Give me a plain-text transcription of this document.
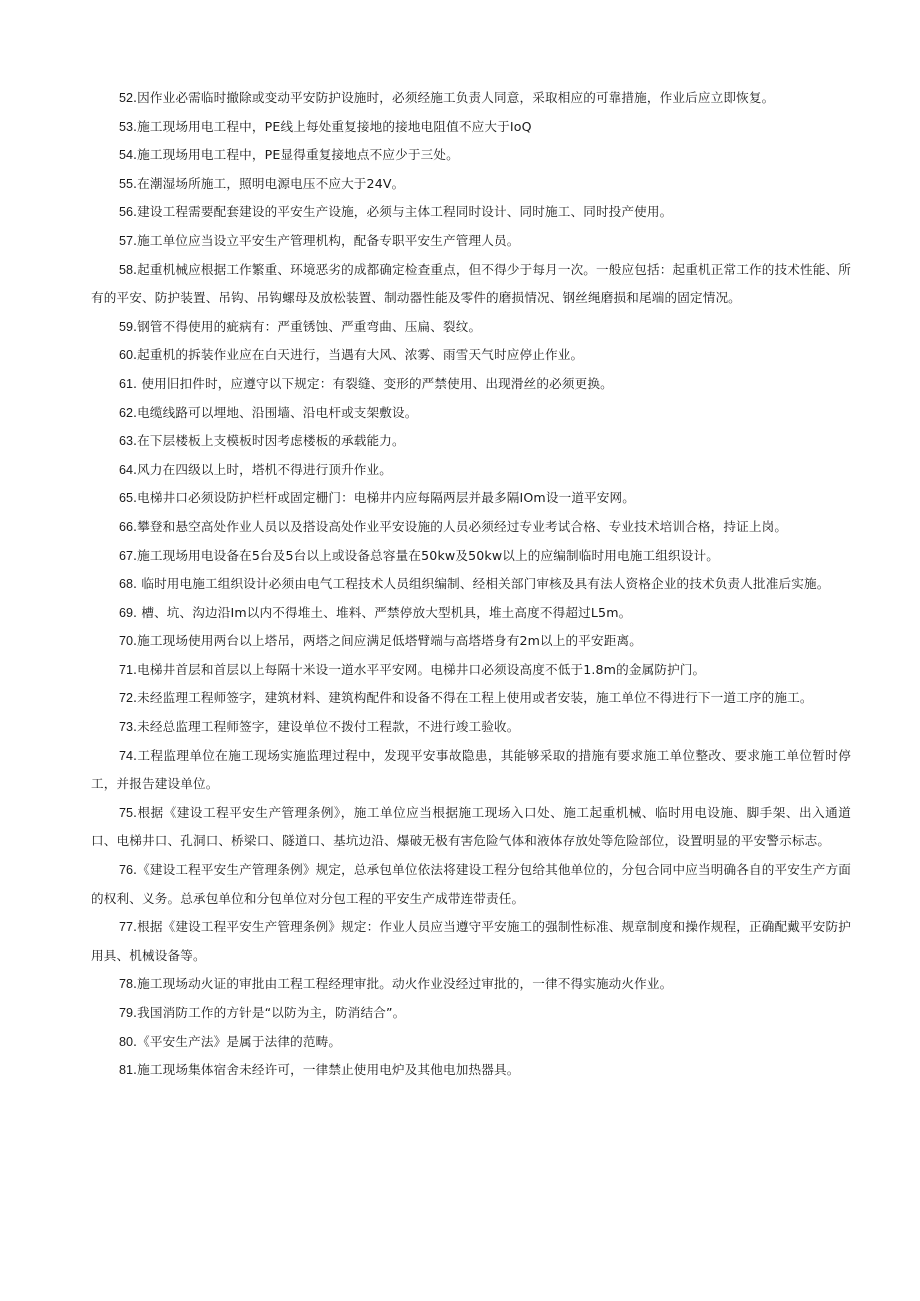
52.因作业必需临时撤除或变动平安防护设施时，必须经施工负责人同意，采取相应的可靠措施，作业后应立即恢复。

53.施工现场用电工程中，PE线上每处重复接地的接地电阻值不应大于IoQ

54.施工现场用电工程中，PE显得重复接地点不应少于三处。

55.在潮湿场所施工，照明电源电压不应大于24V。

56.建设工程需要配套建设的平安生产设施，必须与主体工程同时设计、同时施工、同时投产使用。

57.施工单位应当设立平安生产管理机构，配备专职平安生产管理人员。

58.起重机械应根据工作繁重、环境恶劣的成都确定检查重点，但不得少于每月一次。一般应包括：起重机正常工作的技术性能、所有的平安、防护装置、吊钩、吊钩螺母及放松装置、制动器性能及零件的磨损情况、钢丝绳磨损和尾端的固定情况。

59.钢管不得使用的疵病有：严重锈蚀、严重弯曲、压扁、裂纹。

60.起重机的拆装作业应在白天进行，当遇有大风、浓雾、雨雪天气时应停止作业。

61. 使用旧扣件时，应遵守以下规定：有裂缝、变形的严禁使用、出现滑丝的必须更换。

62.电缆线路可以埋地、沿围墙、沿电杆或支架敷设。

63.在下层楼板上支模板时因考虑楼板的承载能力。

64.风力在四级以上时，塔机不得进行顶升作业。

65.电梯井口必须设防护栏杆或固定栅门：电梯井内应每隔两层并最多隔IOm设一道平安网。

66.攀登和悬空高处作业人员以及搭设高处作业平安设施的人员必须经过专业考试合格、专业技术培训合格，持证上岗。

67.施工现场用电设备在5台及5台以上或设备总容量在50kw及50kw以上的应编制临时用电施工组织设计。

68. 临时用电施工组织设计必须由电气工程技术人员组织编制、经相关部门审核及具有法人资格企业的技术负责人批准后实施。

69. 槽、坑、沟边沿Im以内不得堆土、堆料、严禁停放大型机具，堆土高度不得超过L5m。

70.施工现场使用两台以上塔吊，两塔之间应满足低塔臂端与高塔塔身有2m以上的平安距离。

71.电梯井首层和首层以上每隔十米设一道水平平安网。电梯井口必须设高度不低于1.8m的金属防护门。

72.未经监理工程师签字，建筑材料、建筑构配件和设备不得在工程上使用或者安装，施工单位不得进行下一道工序的施工。

73.未经总监理工程师签字，建设单位不拨付工程款，不进行竣工验收。

74.工程监理单位在施工现场实施监理过程中，发现平安事故隐患，其能够采取的措施有要求施工单位整改、要求施工单位暂时停工，并报告建设单位。

75.根据《建设工程平安生产管理条例》，施工单位应当根据施工现场入口处、施工起重机械、临时用电设施、脚手架、出入通道口、电梯井口、孔洞口、桥梁口、隧道口、基坑边沿、爆破无极有害危险气体和液体存放处等危险部位，设置明显的平安警示标志。

76.《建设工程平安生产管理条例》规定，总承包单位依法将建设工程分包给其他单位的，分包合同中应当明确各自的平安生产方面的权利、义务。总承包单位和分包单位对分包工程的平安生产成带连带责任。

77.根据《建设工程平安生产管理条例》规定：作业人员应当遵守平安施工的强制性标准、规章制度和操作规程，正确配戴平安防护用具、机械设备等。

78.施工现场动火证的审批由工程工程经理审批。动火作业没经过审批的，一律不得实施动火作业。

79.我国消防工作的方针是“以防为主，防消结合”。

80.《平安生产法》是属于法律的范畴。

81.施工现场集体宿舍未经许可，一律禁止使用电炉及其他电加热器具。
